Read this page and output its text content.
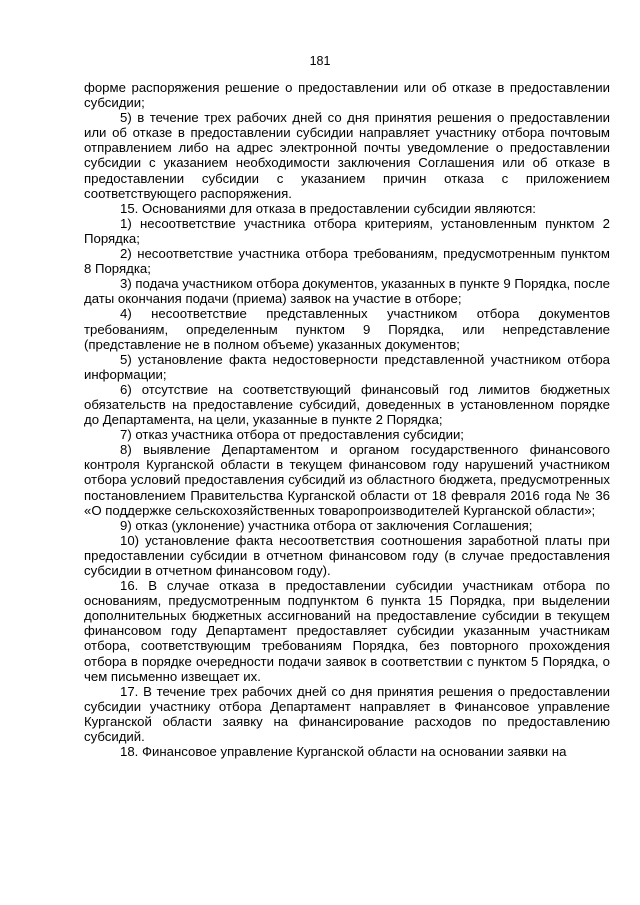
181

форме распоряжения решение о предоставлении или об отказе в предоставлении субсидии;

5) в течение трех рабочих дней со дня принятия решения о предоставлении или об отказе в предоставлении субсидии направляет участнику отбора почтовым отправлением либо на адрес электронной почты уведомление о предоставлении субсидии с указанием необходимости заключения Соглашения или об отказе в предоставлении субсидии с указанием причин отказа с приложением соответствующего распоряжения.

15. Основаниями для отказа в предоставлении субсидии являются:

1) несоответствие участника отбора критериям, установленным пунктом 2 Порядка;

2) несоответствие участника отбора требованиям, предусмотренным пунктом 8 Порядка;

3) подача участником отбора документов, указанных в пункте 9 Порядка, после даты окончания подачи (приема) заявок на участие в отборе;

4) несоответствие представленных участником отбора документов требованиям, определенным пунктом 9 Порядка, или непредставление (представление не в полном объеме) указанных документов;

5) установление факта недостоверности представленной участником отбора информации;

6) отсутствие на соответствующий финансовый год лимитов бюджетных обязательств на предоставление субсидий, доведенных в установленном порядке до Департамента, на цели, указанные в пункте 2 Порядка;

7) отказ участника отбора от предоставления субсидии;

8) выявление Департаментом и органом государственного финансового контроля Курганской области в текущем финансовом году нарушений участником отбора условий предоставления субсидий из областного бюджета, предусмотренных постановлением Правительства Курганской области от 18 февраля 2016 года № 36 «О поддержке сельскохозяйственных товаропроизводителей Курганской области»;

9) отказ (уклонение) участника отбора от заключения Соглашения;

10) установление факта несоответствия соотношения заработной платы при предоставлении субсидии в отчетном финансовом году (в случае предоставления субсидии в отчетном финансовом году).

16. В случае отказа в предоставлении субсидии участникам отбора по основаниям, предусмотренным подпунктом 6 пункта 15 Порядка, при выделении дополнительных бюджетных ассигнований на предоставление субсидии в текущем финансовом году Департамент предоставляет субсидии указанным участникам отбора, соответствующим требованиям Порядка, без повторного прохождения отбора в порядке очередности подачи заявок в соответствии с пунктом 5 Порядка, о чем письменно извещает их.

17. В течение трех рабочих дней со дня принятия решения о предоставлении субсидии участнику отбора Департамент направляет в Финансовое управление Курганской области заявку на финансирование расходов по предоставлению субсидий.

18. Финансовое управление Курганской области на основании заявки на
